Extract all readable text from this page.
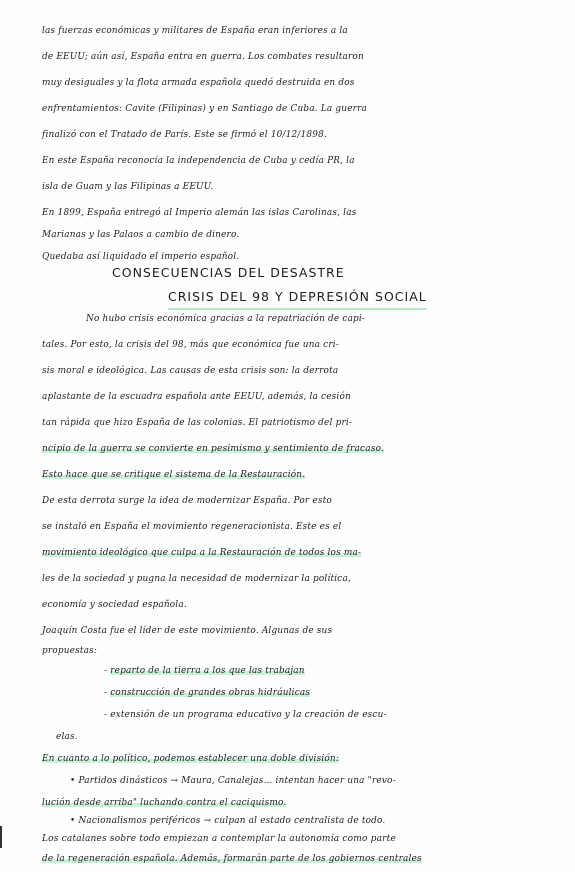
las fuerzas económicas y militares de España eran inferiores a la
de EEUU; aún así, España entra en guerra. Los combates resultaron
muy desiguales y la flota armada española quedó destruida en dos
enfrentamientos: Cavite (Filipinas) y en Santiago de Cuba. La guerra
finalizó con el Tratado de París. Este se firmó el 10/12/1898.
En este España reconocía la independencia de Cuba y cedía PR, la
isla de Guam y las Filipinas a EEUU.
En 1899, España entregó al Imperio alemán las islas Carolinas, las
Marianas y las Palaos a cambio de dinero.
Quedaba así liquidado el imperio español.
CONSECUENCIAS DEL DESASTRE
CRISIS DEL 98 Y DEPRESIÓN SOCIAL
No hubo crisis económica gracias a la repatriación de capi-
tales. Por esto, la crisis del 98, más que económica fue una cri-
sis moral e ideológica. Las causas de esta crisis son: la derrota
aplastante de la escuadra española ante EEUU, además, la cesión
tan rápida que hizo España de las colonias. El patriotismo del pri-
ncipio de la guerra se convierte en pesimismo y sentimiento de fracaso.
Esto hace que se critique el sistema de la Restauración.
De esta derrota surge la idea de modernizar España. Por esto
se instaló en España el movimiento regeneracionista. Este es el
movimiento ideológico que culpa a la Restauración de todos los ma-
les de la sociedad y pugna la necesidad de modernizar la política,
economía y sociedad española.
Joaquín Costa fue el líder de este movimiento. Algunas de sus
propuestas:
- reparto de la tierra a los que las trabajan
- construcción de grandes obras hidráulicas
- extensión de un programa educativo y la creación de escu-
elas.
En cuanto a lo político, podemos establecer una doble división:
• Partidos dinásticos → Maura, Canalejas... intentan hacer una "revo-
lución desde arriba" luchando contra el caciquismo.
• Nacionalismos periféricos → culpan al estado centralista de todo.
Los catalanes sobre todo empiezan a contemplar la autonomía como parte
de la regeneración española. Además, formarán parte de los gobiernos centrales
